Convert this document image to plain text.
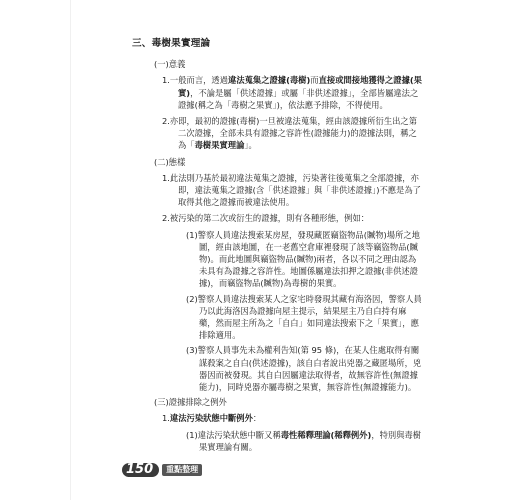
三、毒樹果實理論
(一)意義
1.一般而言，透過違法蒐集之證據(毒樹)而直接或間接地獲得之證據(果實)，不論是屬「供述證據」或屬「非供述證據」，全部皆屬違法之證據(稱之為「毒樹之果實」)，依法應予排除，不得使用。
2.亦即，最初的證據(毒樹)一旦被違法蒐集，經由該證據所衍生出之第二次證據，全部未具有證據之容許性(證據能力)的證據法則，稱之為「毒樹果實理論」。
(二)態樣
1.此法則乃基於最初違法蒐集之證據，污染著往後蒐集之全部證據，亦即，違法蒐集之證據(含「供述證據」與「非供述證據」)不應是為了取得其他之證據而被違法使用。
2.被污染的第二次或衍生的證據，則有各種形態，例如：
(1)警察人員違法搜索某房屋，發現藏匿竊盜物品(贓物)場所之地圖，經由該地圖，在一老舊空倉庫裡發現了該等竊盜物品(贓物)。而此地圖與竊盜物品(贓物)兩者，各以不同之理由認為未具有為證據之容許性。地圖係屬違法扣押之證據(非供述證據)，而竊盜物品(贓物)為毒樹的果實。
(2)警察人員違法搜索某人之家宅時發現其藏有海洛因，警察人員乃以此海洛因為證據向屋主提示，結果屋主乃自白持有麻藥，然而屋主所為之「自白」如同違法搜索下之「果實」，應排除適用。
(3)警察人員事先未為權利告知(第 95 條)，在某人住處取得有關謀殺案之自白(供述證據)，該自白者說出兇器之藏匿場所，兇器因而被發現。其自白因屬違法取得者，故無容許性(無證據能力)，同時兇器亦屬毒樹之果實，無容許性(無證據能力)。
(三)證據排除之例外
1.違法污染狀態中斷例外：
(1)違法污染狀態中斷又稱毒性稀釋理論(稀釋例外)，特別與毒樹果實理論有關。
150	重點整理
